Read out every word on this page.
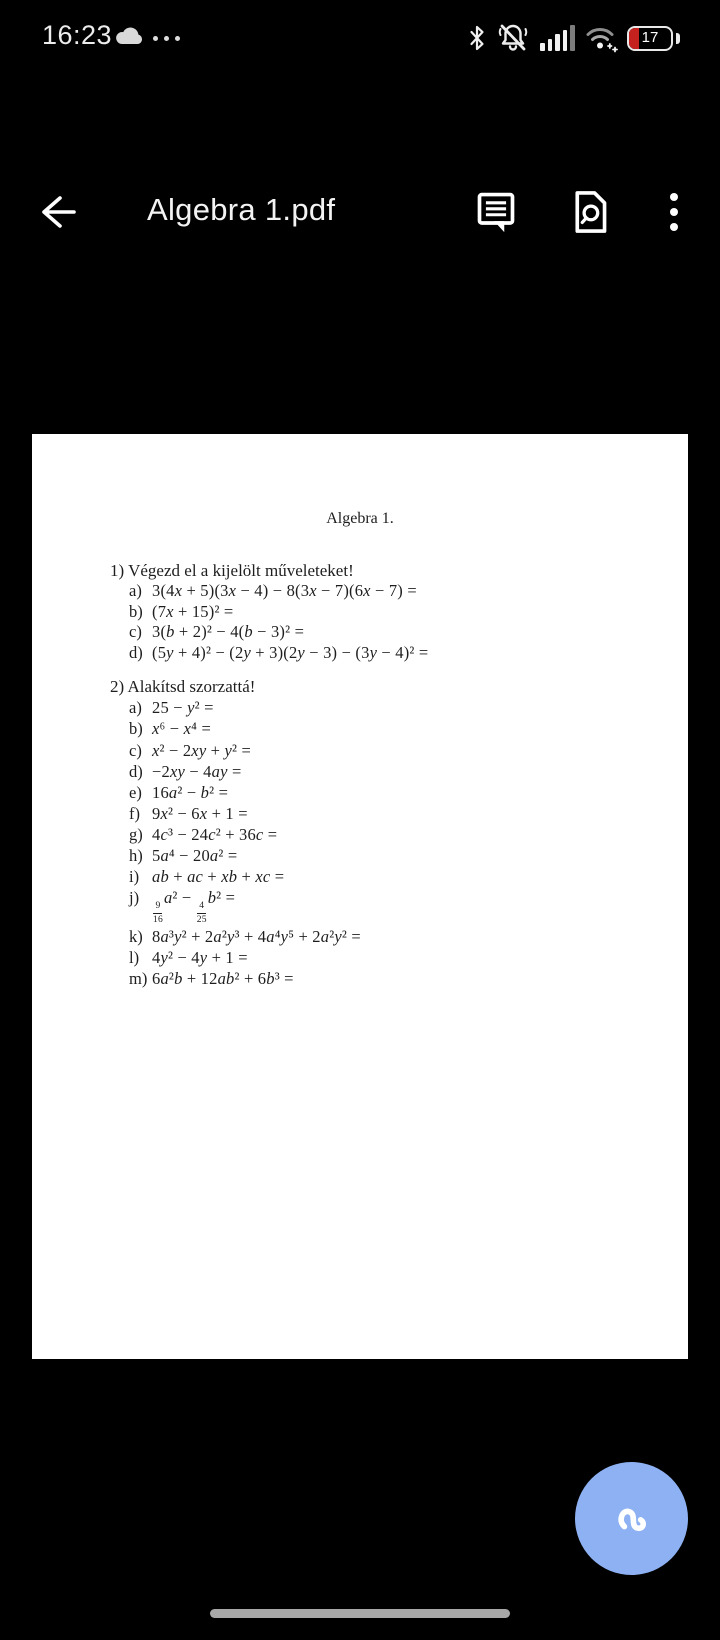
16:23	17
Algebra 1.pdf
Algebra 1.
1) Végezd el a kijelölt műveleteket!
a) 3(4x + 5)(3x − 4) − 8(3x − 7)(6x − 7) =
b) (7x + 15)² =
c) 3(b + 2)² − 4(b − 3)² =
d) (5y + 4)² − (2y + 3)(2y − 3) − (3y − 4)² =
2) Alakítsd szorzattá!
a) 25 − y² =
b) x⁶ − x⁴ =
c) x² − 2xy + y² =
d) −2xy − 4ay =
e) 16a² − b² =
f) 9x² − 6x + 1 =
g) 4c³ − 24c² + 36c =
h) 5a⁴ − 20a² =
i) ab + ac + xb + xc =
j)
$\frac{9}{16}$
a² −
$\frac{4}{25}$
b² =
k) 8a³y² + 2a²y³ + 4a⁴y⁵ + 2a²y² =
l) 4y² − 4y + 1 =
m) 6a²b + 12ab² + 6b³ =
